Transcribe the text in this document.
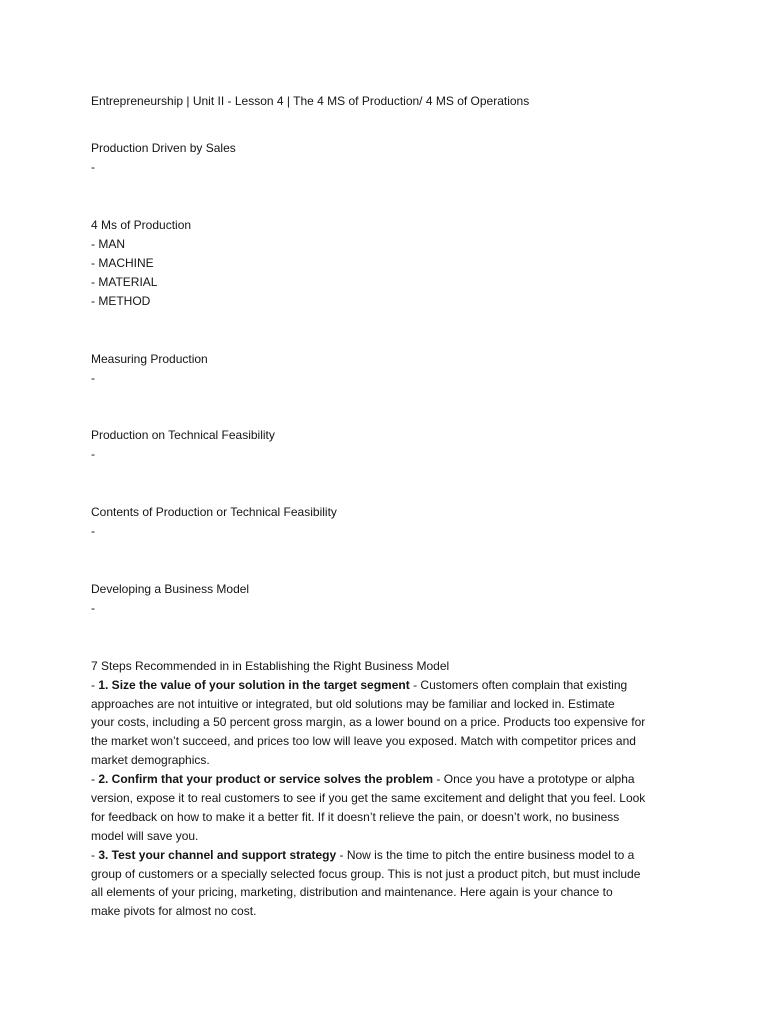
Entrepreneurship | Unit II - Lesson 4 | The 4 MS of Production/ 4 MS of Operations
Production Driven by Sales
-
4 Ms of Production
- MAN
- MACHINE
- MATERIAL
- METHOD
Measuring Production
-
Production on Technical Feasibility
-
Contents of Production or Technical Feasibility
-
Developing a Business Model
-
7 Steps Recommended in in Establishing the Right Business Model
- 1. Size the value of your solution in the target segment - Customers often complain that existing
approaches are not intuitive or integrated, but old solutions may be familiar and locked in. Estimate
your costs, including a 50 percent gross margin, as a lower bound on a price. Products too expensive for
the market won’t succeed, and prices too low will leave you exposed. Match with competitor prices and
market demographics.
- 2. Confirm that your product or service solves the problem - Once you have a prototype or alpha
version, expose it to real customers to see if you get the same excitement and delight that you feel. Look
for feedback on how to make it a better fit. If it doesn’t relieve the pain, or doesn’t work, no business
model will save you.
- 3. Test your channel and support strategy - Now is the time to pitch the entire business model to a
group of customers or a specially selected focus group. This is not just a product pitch, but must include
all elements of your pricing, marketing, distribution and maintenance. Here again is your chance to
make pivots for almost no cost.
